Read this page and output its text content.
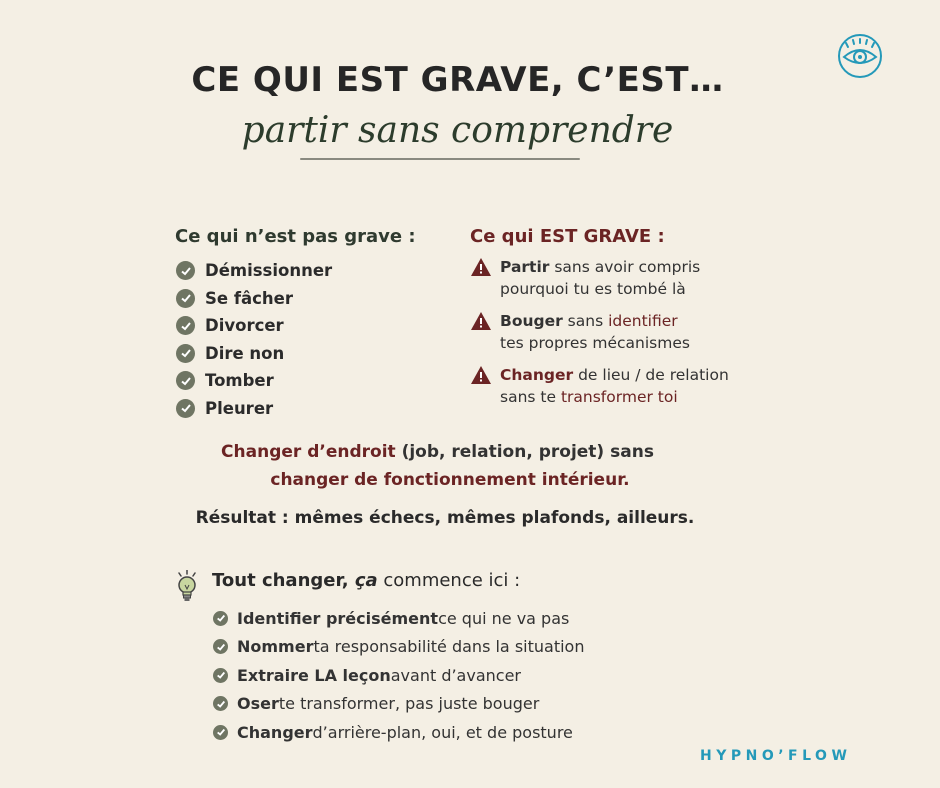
CE QUI EST GRAVE, C’EST…
partir sans comprendre
Ce qui n’est pas grave :
Démissionner
Se fâcher
Divorcer
Dire non
Tomber
Pleurer
Ce qui EST GRAVE :
Partir sans avoir compris
pourquoi tu es tombé là
Bouger sans identifier
tes propres mécanismes
Changer de lieu / de relation
sans te transformer toi
Changer d’endroit (job, relation, projet) sans
changer de fonctionnement intérieur.
Résultat : mêmes échecs, mêmes plafonds, ailleurs.
Tout changer, ça commence ici :
Identifier précisément ce qui ne va pas
Nommer ta responsabilité dans la situation
Extraire LA leçon avant d’avancer
Oser te transformer, pas juste bouger
Changer d’arrière-plan, oui, et de posture
HYPNO’FLOW
